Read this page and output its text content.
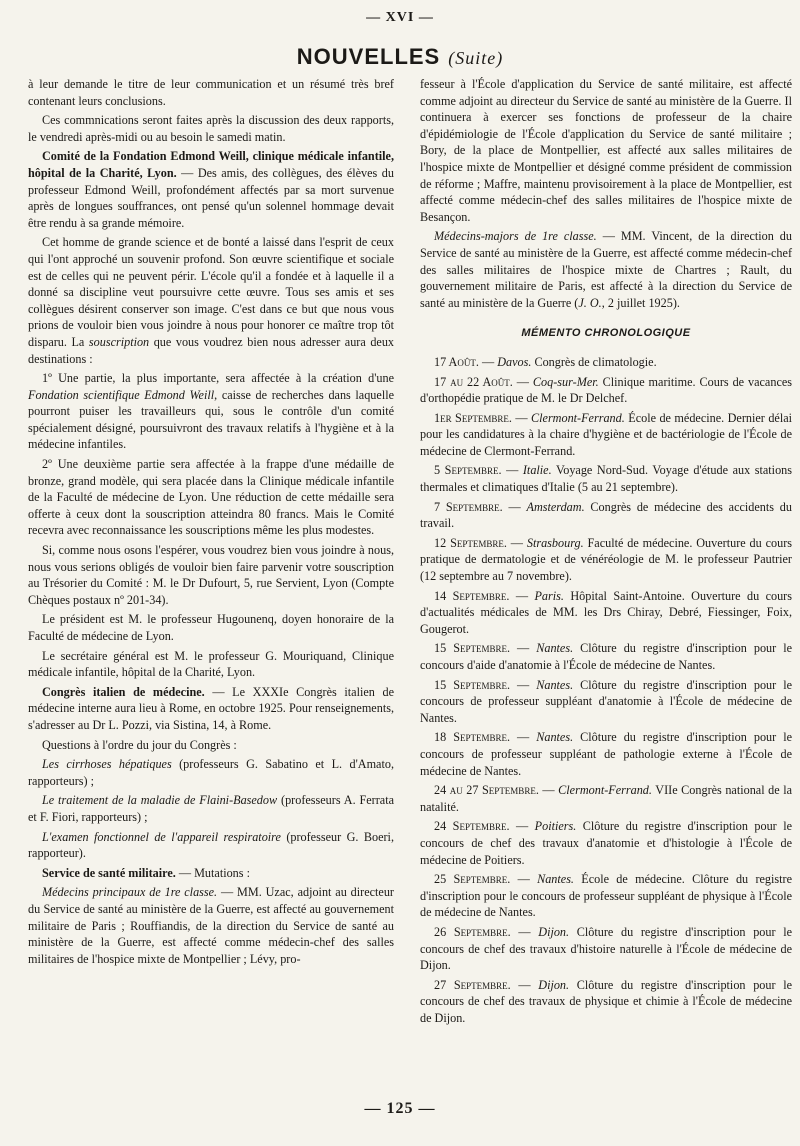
— XVI —
NOUVELLES (Suite)

à leur demande le titre de leur communication et un résumé très bref contenant leurs conclusions.

Ces commnications seront faites après la discussion des deux rapports, le vendredi après-midi ou au besoin le samedi matin.

Comité de la Fondation Edmond Weill, clinique médicale infantile, hôpital de la Charité, Lyon. — Des amis, des collègues, des élèves du professeur Edmond Weill, profondément affectés par sa mort survenue après de longues souffrances, ont pensé qu'un solennel hommage devait être rendu à sa grande mémoire.

Cet homme de grande science et de bonté a laissé dans l'esprit de ceux qui l'ont approché un souvenir profond. Son œuvre scientifique et sociale est de celles qui ne peuvent périr. L'école qu'il a fondée et à laquelle il a donné sa discipline veut poursuivre cette œuvre. Tous ses amis et ses collègues désirent conserver son image. C'est dans ce but que nous vous prions de vouloir bien vous joindre à nous pour honorer ce maître trop tôt disparu. La souscription que vous voudrez bien nous adresser aura deux destinations :

1º Une partie, la plus importante, sera affectée à la création d'une Fondation scientifique Edmond Weill, caisse de recherches dans laquelle pourront puiser les travailleurs qui, sous le contrôle d'un comité spécialement désigné, poursuivront des travaux relatifs à l'hygiène et à la médecine infantiles.

2º Une deuxième partie sera affectée à la frappe d'une médaille de bronze, grand modèle, qui sera placée dans la Clinique médicale infantile de la Faculté de médecine de Lyon. Une réduction de cette médaille sera offerte à ceux dont la souscription atteindra 80 francs. Mais le Comité recevra avec reconnaissance les souscriptions même les plus modestes.

Si, comme nous osons l'espérer, vous voudrez bien vous joindre à nous, nous vous serions obligés de vouloir bien faire parvenir votre souscription au Trésorier du Comité : M. le Dr Dufourt, 5, rue Servient, Lyon (Compte Chèques postaux nº 201-34).

Le président est M. le professeur Hugounenq, doyen honoraire de la Faculté de médecine de Lyon.

Le secrétaire général est M. le professeur G. Mouriquand, Clinique médicale infantile, hôpital de la Charité, Lyon.

Congrès italien de médecine. — Le XXXIe Congrès italien de médecine interne aura lieu à Rome, en octobre 1925. Pour renseignements, s'adresser au Dr L. Pozzi, via Sistina, 14, à Rome.

Questions à l'ordre du jour du Congrès :

Les cirrhoses hépatiques (professeurs G. Sabatino et L. d'Amato, rapporteurs) ;

Le traitement de la maladie de Flaini-Basedow (professeurs A. Ferrata et F. Fiori, rapporteurs) ;

L'examen fonctionnel de l'appareil respiratoire (professeur G. Boeri, rapporteur).

Service de santé militaire. — Mutations :

Médecins principaux de 1re classe. — MM. Uzac, adjoint au directeur du Service de santé au ministère de la Guerre, est affecté au gouvernement militaire de Paris ; Rouffiandis, de la direction du Service de santé au ministère de la Guerre, est affecté comme médecin-chef des salles militaires de l'hospice mixte de Montpellier ; Lévy, pro-

fesseur à l'École d'application du Service de santé militaire, est affecté comme adjoint au directeur du Service de santé au ministère de la Guerre. Il continuera à exercer ses fonctions de professeur de la chaire d'épidémiologie de l'École d'application du Service de santé militaire ; Bory, de la place de Montpellier, est affecté aux salles militaires de l'hospice mixte de Montpellier et désigné comme président de commission de réforme ; Maffre, maintenu provisoirement à la place de Montpellier, est affecté comme médecin-chef des salles militaires de l'hospice mixte de Besançon.

Médecins-majors de 1re classe. — MM. Vincent, de la direction du Service de santé au ministère de la Guerre, est affecté comme médecin-chef des salles militaires de l'hospice mixte de Chartres ; Rault, du gouvernement militaire de Paris, est affecté à la direction du Service de santé au ministère de la Guerre (J. O., 2 juillet 1925).

MÉMENTO CHRONOLOGIQUE

17 Août. — Davos. Congrès de climatologie.

17 au 22 Août. — Coq-sur-Mer. Clinique maritime. Cours de vacances d'orthopédie pratique de M. le Dr Delchef.

1er Septembre. — Clermont-Ferrand. École de médecine. Dernier délai pour les candidatures à la chaire d'hygiène et de bactériologie de l'École de médecine de Clermont-Ferrand.

5 Septembre. — Italie. Voyage Nord-Sud. Voyage d'étude aux stations thermales et climatiques d'Italie (5 au 21 septembre).

7 Septembre. — Amsterdam. Congrès de médecine des accidents du travail.

12 Septembre. — Strasbourg. Faculté de médecine. Ouverture du cours pratique de dermatologie et de vénéréologie de M. le professeur Pautrier (12 septembre au 7 novembre).

14 Septembre. — Paris. Hôpital Saint-Antoine. Ouverture du cours d'actualités médicales de MM. les Drs Chiray, Debré, Fiessinger, Foix, Gougerot.

15 Septembre. — Nantes. Clôture du registre d'inscription pour le concours d'aide d'anatomie à l'École de médecine de Nantes.

15 Septembre. — Nantes. Clôture du registre d'inscription pour le concours de professeur suppléant d'anatomie à l'École de médecine de Nantes.

18 Septembre. — Nantes. Clôture du registre d'inscription pour le concours de professeur suppléant de pathologie externe à l'École de médecine de Nantes.

24 au 27 Septembre. — Clermont-Ferrand. VIIe Congrès national de la natalité.

24 Septembre. — Poitiers. Clôture du registre d'inscription pour le concours de chef des travaux d'anatomie et d'histologie à l'École de médecine de Poitiers.

25 Septembre. — Nantes. École de médecine. Clôture du registre d'inscription pour le concours de professeur suppléant de physique à l'École de médecine de Nantes.

26 Septembre. — Dijon. Clôture du registre d'inscription pour le concours de chef des travaux d'histoire naturelle à l'École de médecine de Dijon.

27 Septembre. — Dijon. Clôture du registre d'inscription pour le concours de chef des travaux de physique et chimie à l'École de médecine de Dijon.

— 125 —
